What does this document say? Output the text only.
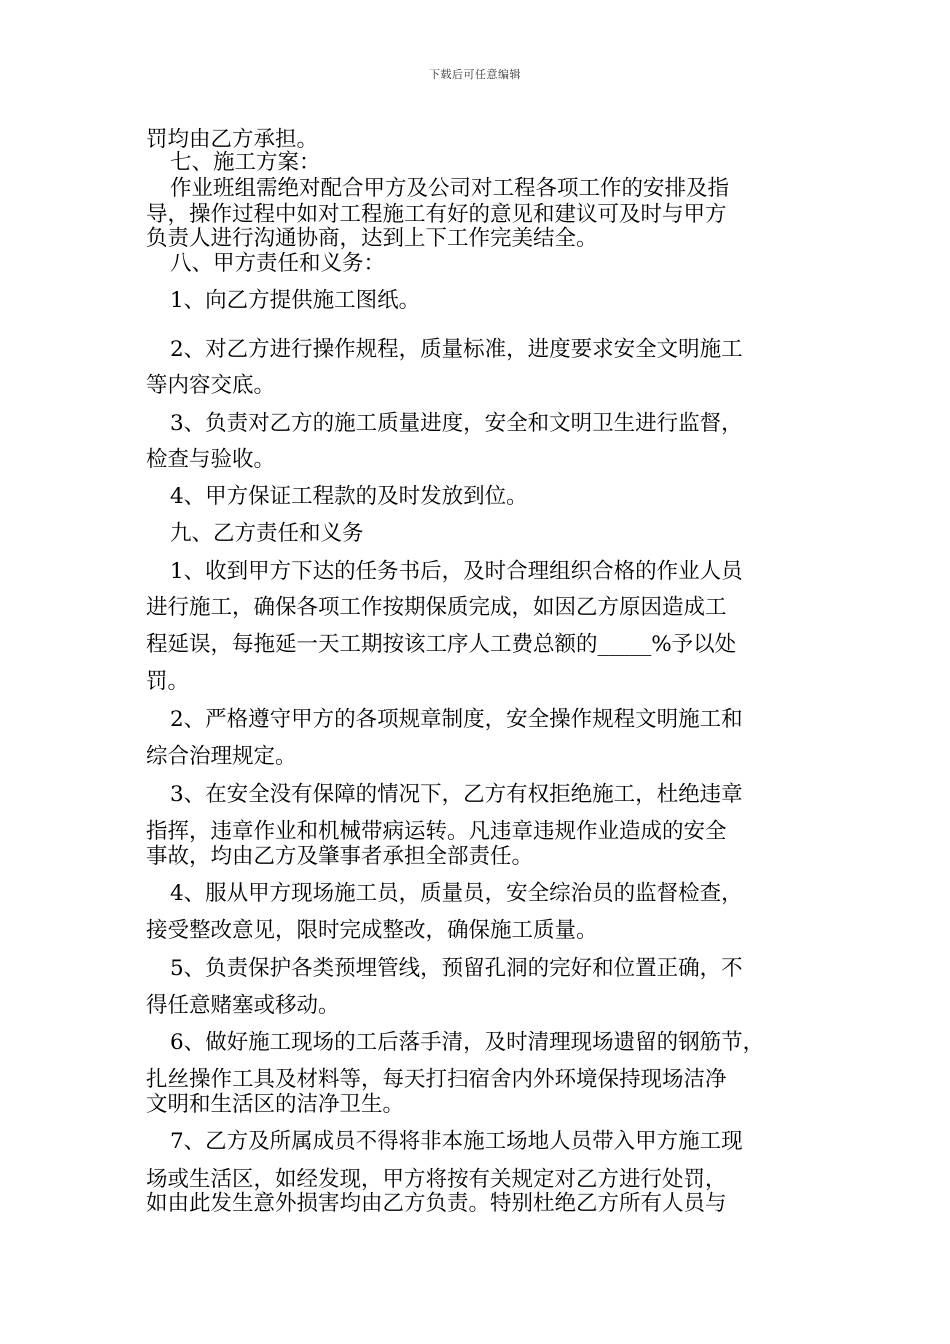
下载后可任意编辑
罚均由乙方承担。
七、施工方案：
作业班组需绝对配合甲方及公司对工程各项工作的安排及指
导，操作过程中如对工程施工有好的意见和建议可及时与甲方
负责人进行沟通协商，达到上下工作完美结全。
八、甲方责任和义务：
1、向乙方提供施工图纸。
2、对乙方进行操作规程，质量标准，进度要求安全文明施工
等内容交底。
3、负责对乙方的施工质量进度，安全和文明卫生进行监督，
检查与验收。
4、甲方保证工程款的及时发放到位。
九、乙方责任和义务
1、收到甲方下达的任务书后，及时合理组织合格的作业人员
进行施工，确保各项工作按期保质完成，如因乙方原因造成工
程延误，每拖延一天工期按该工序人工费总额的_____%予以处
罚。
2、严格遵守甲方的各项规章制度，安全操作规程文明施工和
综合治理规定。
3、在安全没有保障的情况下，乙方有权拒绝施工，杜绝违章
指挥，违章作业和机械带病运转。凡违章违规作业造成的安全
事故，均由乙方及肇事者承担全部责任。
4、服从甲方现场施工员，质量员，安全综治员的监督检查，
接受整改意见，限时完成整改，确保施工质量。
5、负责保护各类预埋管线，预留孔洞的完好和位置正确，不
得任意赌塞或移动。
6、做好施工现场的工后落手清，及时清理现场遗留的钢筋节，
扎丝操作工具及材料等，每天打扫宿舍内外环境保持现场洁净
文明和生活区的洁净卫生。
7、乙方及所属成员不得将非本施工场地人员带入甲方施工现
场或生活区，如经发现，甲方将按有关规定对乙方进行处罚，
如由此发生意外损害均由乙方负责。特别杜绝乙方所有人员与
